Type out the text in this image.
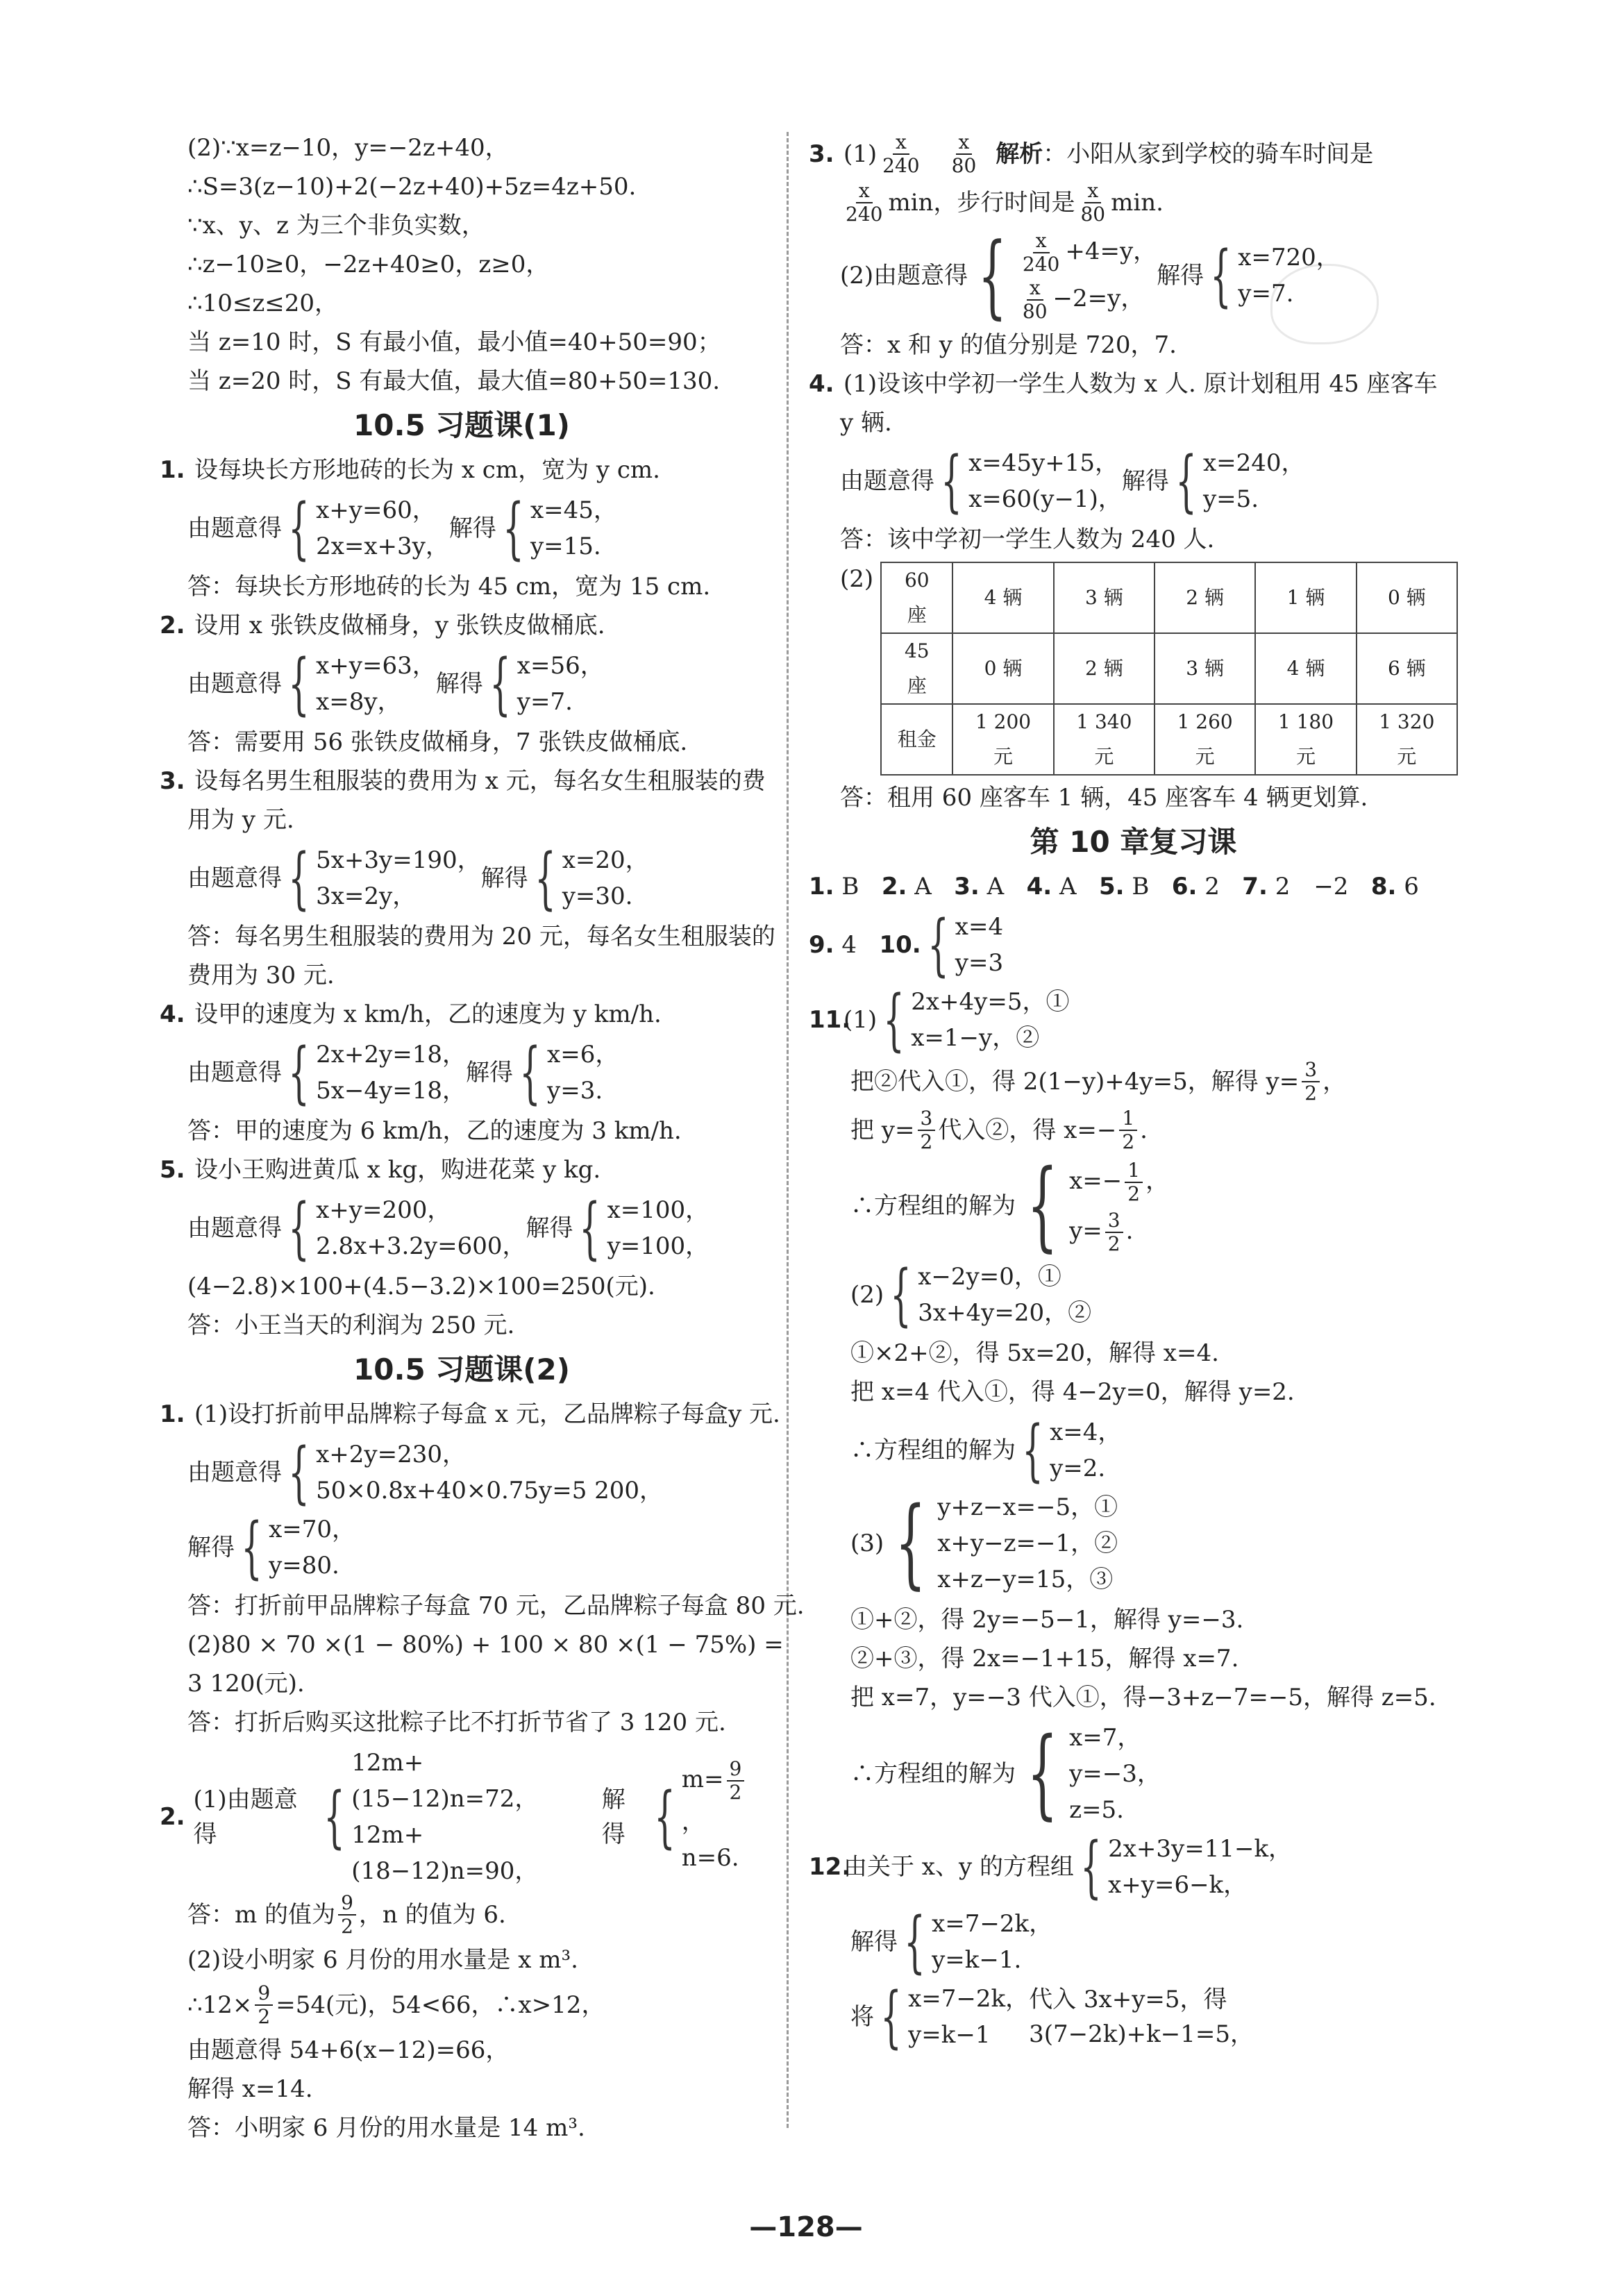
(2)∵x=z−10，y=−2z+40，
∴S=3(z−10)+2(−2z+40)+5z=4z+50.
∵x、y、z 为三个非负实数，
∴z−10≥0，−2z+40≥0，z≥0，
∴10≤z≤20，
当 z=10 时，S 有最小值，最小值=40+50=90；
当 z=20 时，S 有最大值，最大值=80+50=130.
10.5 习题课(1)
1. 设每块长方形地砖的长为 x cm，宽为 y cm.
由题意得 { x+y=60，
2x=x+3y，
解得 { x=45，
y=15.
答：每块长方形地砖的长为 45 cm，宽为 15 cm.
2. 设用 x 张铁皮做桶身，y 张铁皮做桶底.
由题意得 { x+y=63，
x=8y，
解得 { x=56，
y=7.
答：需要用 56 张铁皮做桶身，7 张铁皮做桶底.
3. 设每名男生租服装的费用为 x 元，每名女生租服装的费
用为 y 元.
由题意得 { 5x+3y=190，
3x=2y，
解得 { x=20，
y=30.
答：每名男生租服装的费用为 20 元，每名女生租服装的
费用为 30 元.
4. 设甲的速度为 x km/h，乙的速度为 y km/h.
由题意得 { 2x+2y=18，
5x−4y=18，
解得 { x=6，
y=3.
答：甲的速度为 6 km/h，乙的速度为 3 km/h.
5. 设小王购进黄瓜 x kg，购进花菜 y kg.
由题意得 { x+y=200，
2.8x+3.2y=600，
解得 { x=100，
y=100，
(4−2.8)×100+(4.5−3.2)×100=250(元).
答：小王当天的利润为 250 元.
10.5 习题课(2)
1. (1)设打折前甲品牌粽子每盒 x 元，乙品牌粽子每盒y 元.
由题意得 { x+2y=230，
50×0.8x+40×0.75y=5 200，
解得 { x=70，
y=80.
答：打折前甲品牌粽子每盒 70 元，乙品牌粽子每盒 80 元.
(2)80 × 70 ×(1 − 80%) + 100 × 80 ×(1 − 75%) =
3 120(元).
答：打折后购买这批粽子比不打折节省了 3 120 元.
2.
(1)由题意得	{
12m+(15−12)n=72，
12m+(18−12)n=90，
解得 { $m= \frac{9}{2}$
，
n=6.
答：m 的值为 $\frac{9}{2}$ ，n 的值为 6.
(2)设小明家 6 月份的用水量是 x m³.
∴12× $\frac{9}{2} =54$(元)，54<66，∴x>12，
由题意得 54+6(x−12)=66，
解得 x=14.
答：小明家 6 月份的用水量是 14 m³.
3. $(1) \frac{x}{240} \frac{x}{80}$ 解析 ：小阳从家到学校的骑车时间是
$\frac{x}{240}$ min，步行时间是 $\frac{x}{80} \min$.
(2)由题意得 { $\frac{x}{240} +4=y$，
$\frac{x}{80} -2=y$，
解得 { x=720，
y=7.
答：x 和 y 的值分别是 720，7.
4. (1)设该中学初一学生人数为 x 人. 原计划租用 45 座客车
y 辆.
由题意得 { x=45y+15，
x=60(y−1)，
解得 { x=240，
y=5.
答：该中学初一学生人数为 240 人.
(2) 60 座	4 辆	3 辆	2 辆	1 辆	0 辆
45 座	0 辆	2 辆	3 辆	4 辆	6 辆
租金	1 200 元	1 340 元	1 260 元	1 180 元	1 320 元
答：租用 60 座客车 1 辆，45 座客车 4 辆更划算.
第 10 章复习课
1. B 2. A 3. A 4. A 5. B 6. 2 7. 2　−2 8. 6
9.
4
10. { x=4
y=3
11.
(1) { 2x+4y=5，①
x=1−y，②
把②代入①，得 2(1−y)+4y=5，解得 $y= \frac{3}{2}$ ，
把 $y= \frac{3}{2}$ 代入②，得 $x=- \frac{1}{2}$ .
∴方程组的解为 { $x=- \frac{1}{2}$ ，
$y= \frac{3}{2}$ .
(2) { x−2y=0，①
3x+4y=20，②
①×2+②，得 5x=20，解得 x=4.
把 x=4 代入①，得 4−2y=0，解得 y=2.
∴方程组的解为 { x=4，
y=2.
(3) { y+z−x=−5，①
x+y−z=−1，②
x+z−y=15，③
①+②，得 2y=−5−1，解得 y=−3.
②+③，得 2x=−1+15，解得 x=7.
把 x=7，y=−3 代入①，得−3+z−7=−5，解得 z=5.
∴方程组的解为 { x=7，
y=−3，
z=5.
12.
由关于 x、y 的方程组 { 2x+3y=11−k，
x+y=6−k，
解得 { x=7−2k，
y=k−1.
将 { x=7−2k，
y=k−1
代入 3x+y=5，得 3(7−2k)+k−1=5，
—128—
